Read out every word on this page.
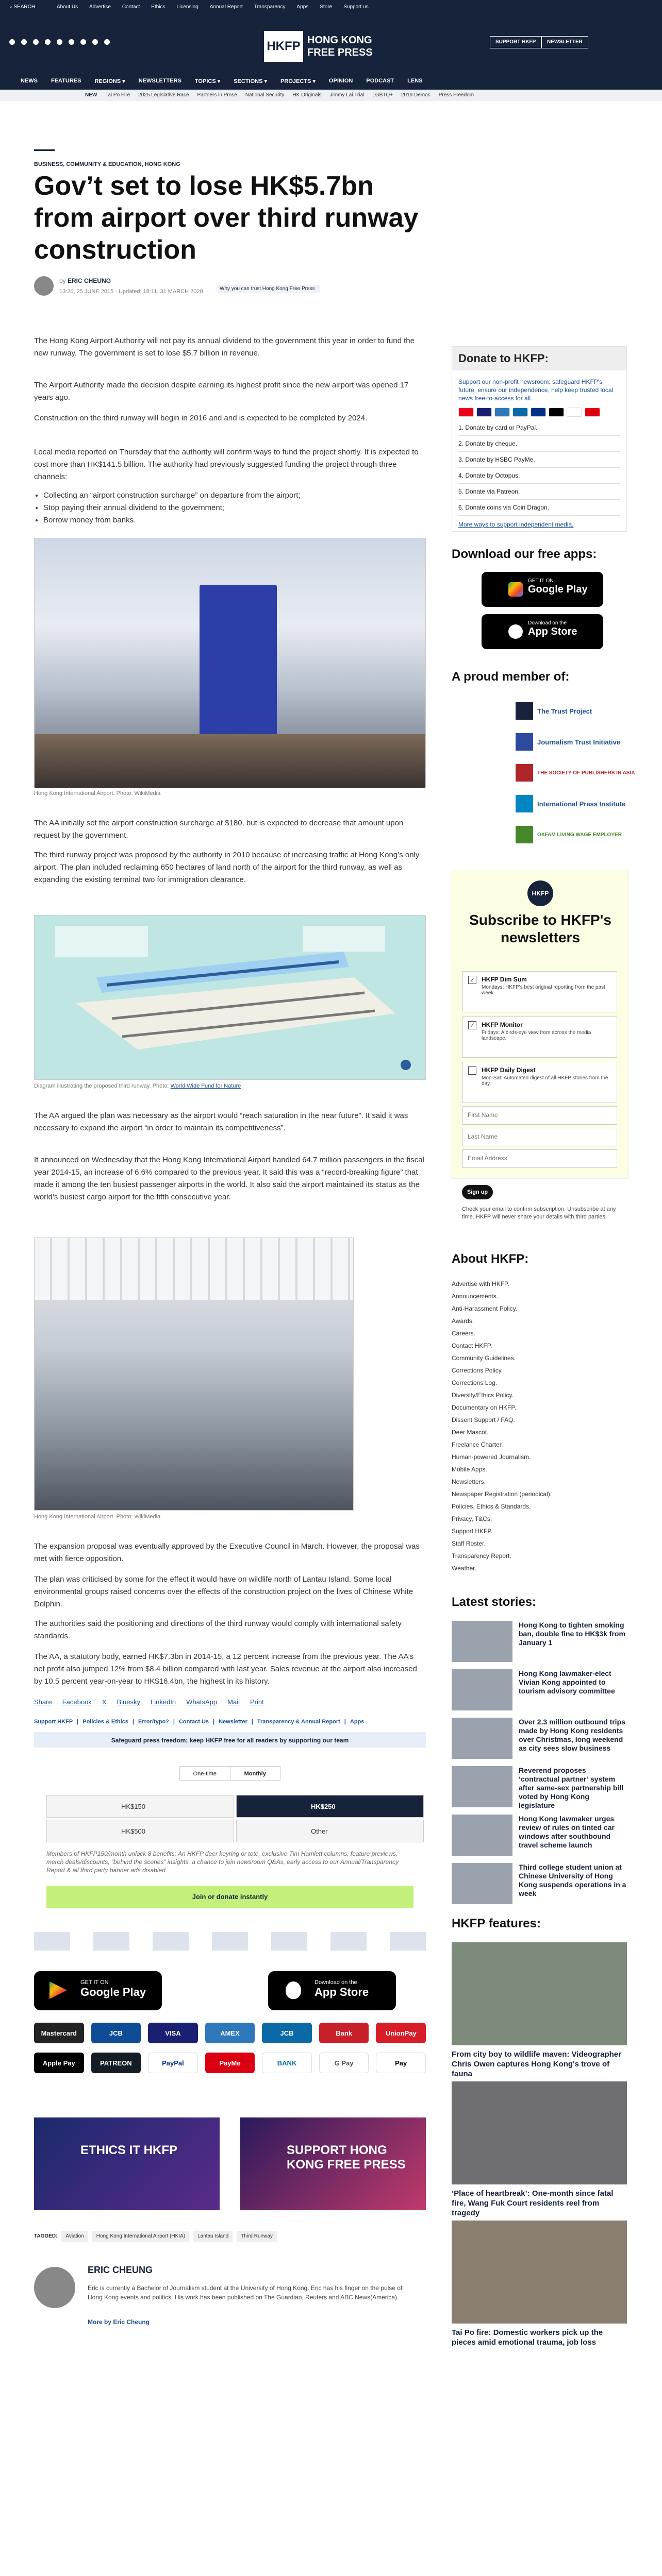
⌕ SEARCH	About Us Advertise Contact Ethics Licensing Annual Report Transparency Apps Store Support us
HKFP HONG KONG
FREE PRESS
SUPPORT HKFP	NEWSLETTER
NEWS FEATURES REGIONS ▾ NEWSLETTERS TOPICS ▾ SECTIONS ▾ PROJECTS ▾ OPINION PODCAST LENS
NEW Tai Po Fire 2025 Legislative Race Partners in Prose National Security HK Originals Jimmy Lai Trial LGBTQ+ 2019 Demos Press Freedom
BUSINESS, COMMUNITY & EDUCATION, HONG KONG
Gov’t set to lose HK$5.7bn from airport over third runway construction
by ERIC CHEUNG
13:20, 25 JUNE 2015 · Updated: 18:11, 31 MARCH 2020	Why you can trust Hong Kong Free Press
The Hong Kong Airport Authority will not pay its annual dividend to the government this year in order to fund the new runway. The government is set to lose $5.7 billion in revenue.
The Airport Authority made the decision despite earning its highest profit since the new airport was opened 17 years ago.
Construction on the third runway will begin in 2016 and and is expected to be completed by 2024.
Local media reported on Thursday that the authority will confirm ways to fund the project shortly. It is expected to cost more than HK$141.5 billion. The authority had previously suggested funding the project through three channels:
• Collecting an “airport construction surcharge” on departure from the airport;
• Stop paying their annual dividend to the government;
• Borrow money from banks.
Hong Kong International Airport. Photo: WikiMedia
The AA initially set the airport construction surcharge at $180, but is expected to decrease that amount upon request by the government.
The third runway project was proposed by the authority in 2010 because of increasing traffic at Hong Kong’s only airport. The plan included reclaiming 650 hectares of land north of the airport for the third runway, as well as expanding the existing terminal two for immigration clearance.
Diagram illustrating the proposed third runway. Photo: World Wide Fund for Nature
The AA argued the plan was necessary as the airport would “reach saturation in the near future”. It said it was necessary to expand the airport “in order to maintain its competitiveness”.
It announced on Wednesday that the Hong Kong International Airport handled 64.7 million passengers in the fiscal year 2014-15, an increase of 6.6% compared to the previous year. It said this was a “record-breaking figure” that made it among the ten busiest passenger airports in the world. It also said the airport maintained its status as the world’s busiest cargo airport for the fifth consecutive year.
Hong Kong International Airport. Photo: WikiMedia
The expansion proposal was eventually approved by the Executive Council in March. However, the proposal was met with fierce opposition.
The plan was criticised by some for the effect it would have on wildlife north of Lantau Island. Some local environmental groups raised concerns over the effects of the construction project on the lives of Chinese White Dolphin.
The authorities said the positioning and directions of the third runway would comply with international safety standards.
The AA, a statutory body, earned HK$7.3bn in 2014-15, a 12 percent increase from the previous year. The AA’s net profit also jumped 12% from $8.4 billion compared with last year. Sales revenue at the airport also increased by 10.5 percent year-on-year to HK$16.4bn, the highest in its history.
Share Facebook X Bluesky LinkedIn WhatsApp Mail Print
Support HKFP | Policies & Ethics | Error/typo? | Contact Us | Newsletter | Transparency & Annual Report | Apps
Safeguard press freedom; keep HKFP free for all readers by supporting our team
One-time	Monthly
HK$150	HK$250
HK$500	Other
Members of HKFP150/month unlock 8 benefits: An HKFP deer keyring or tote, exclusive Tim Hamlett columns, feature previews, merch deals/discounts, “behind the scenes” insights, a chance to join newsroom Q&As, early access to our Annual/Transparency Report & all third party banner ads disabled.
Join or donate instantly
GET IT ON
Google Play
Download on the
App Store
Mastercard	JCB	VISA	AMEX	JCB	Bank	UnionPay
Apple Pay	PATREON	PayPal	PayMe	BANK	G Pay	Pay
ETHICS IT HKFP	SUPPORT HONG KONG FREE PRESS
TAGGED:	Aviation	Hong Kong International Airport (HKIA)	Lantau Island	Third Runway
ERIC CHEUNG
Eric is currently a Bachelor of Journalism student at the University of Hong Kong. Eric has his finger on the pulse of Hong Kong events and politics. His work has been published on The Guardian, Reuters and ABC News(America).
More by Eric Cheung
Donate to HKFP:
Support our non-profit newsroom: safeguard HKFP's future, ensure our independence, help keep trusted local news free-to-access for all.
1. Donate by card or PayPal.
2. Donate by cheque.
3. Donate by HSBC PayMe.
4. Donate by Octopus.
5. Donate via Patreon.
6. Donate coins via Coin Dragon.
More ways to support independent media.
Download our free apps:
GET IT ON
Google Play
Download on the
App Store
A proud member of:
The Trust Project
Journalism Trust Initiative
THE SOCIETY OF PUBLISHERS IN ASIA
International Press Institute
OXFAM LIVING WAGE EMPLOYER
HKFP
Subscribe to HKFP's newsletters
✓ HKFP Dim Sum
Mondays: HKFP's best original reporting from the past week.
✓ HKFP Monitor
Fridays: A birds-eye view from across the media landscape.
HKFP Daily Digest
Mon-Sat: Automated digest of all HKFP stories from the day.
First Name
Last Name
Email Address
Sign up
Check your email to confirm subscription. Unsubscribe at any time. HKFP will never share your details with third parties.
About HKFP:
Advertise with HKFP.
Announcements.
Anti-Harassment Policy.
Awards.
Careers.
Contact HKFP.
Community Guidelines.
Corrections Policy.
Corrections Log.
Diversity/Ethics Policy.
Documentary on HKFP.
Dissent Support / FAQ.
Deer Mascot.
Freelance Charter.
Human-powered Journalism.
Mobile Apps.
Newsletters.
Newspaper Registration (periodical).
Policies, Ethics & Standards.
Privacy, T&Cs.
Support HKFP.
Staff Roster.
Transparency Report.
Weather.
Latest stories:
Hong Kong to tighten smoking ban, double fine to HK$3k from January 1
Hong Kong lawmaker-elect Vivian Kong appointed to tourism advisory committee
Over 2.3 million outbound trips made by Hong Kong residents over Christmas, long weekend as city sees slow business
Reverend proposes ‘contractual partner’ system after same-sex partnership bill voted by Hong Kong legislature
Hong Kong lawmaker urges review of rules on tinted car windows after southbound travel scheme launch
Third college student union at Chinese University of Hong Kong suspends operations in a week
HKFP features:
From city boy to wildlife maven: Videographer Chris Owen captures Hong Kong's trove of fauna
‘Place of heartbreak’: One-month since fatal fire, Wang Fuk Court residents reel from tragedy
Tai Po fire: Domestic workers pick up the pieces amid emotional trauma, job loss
